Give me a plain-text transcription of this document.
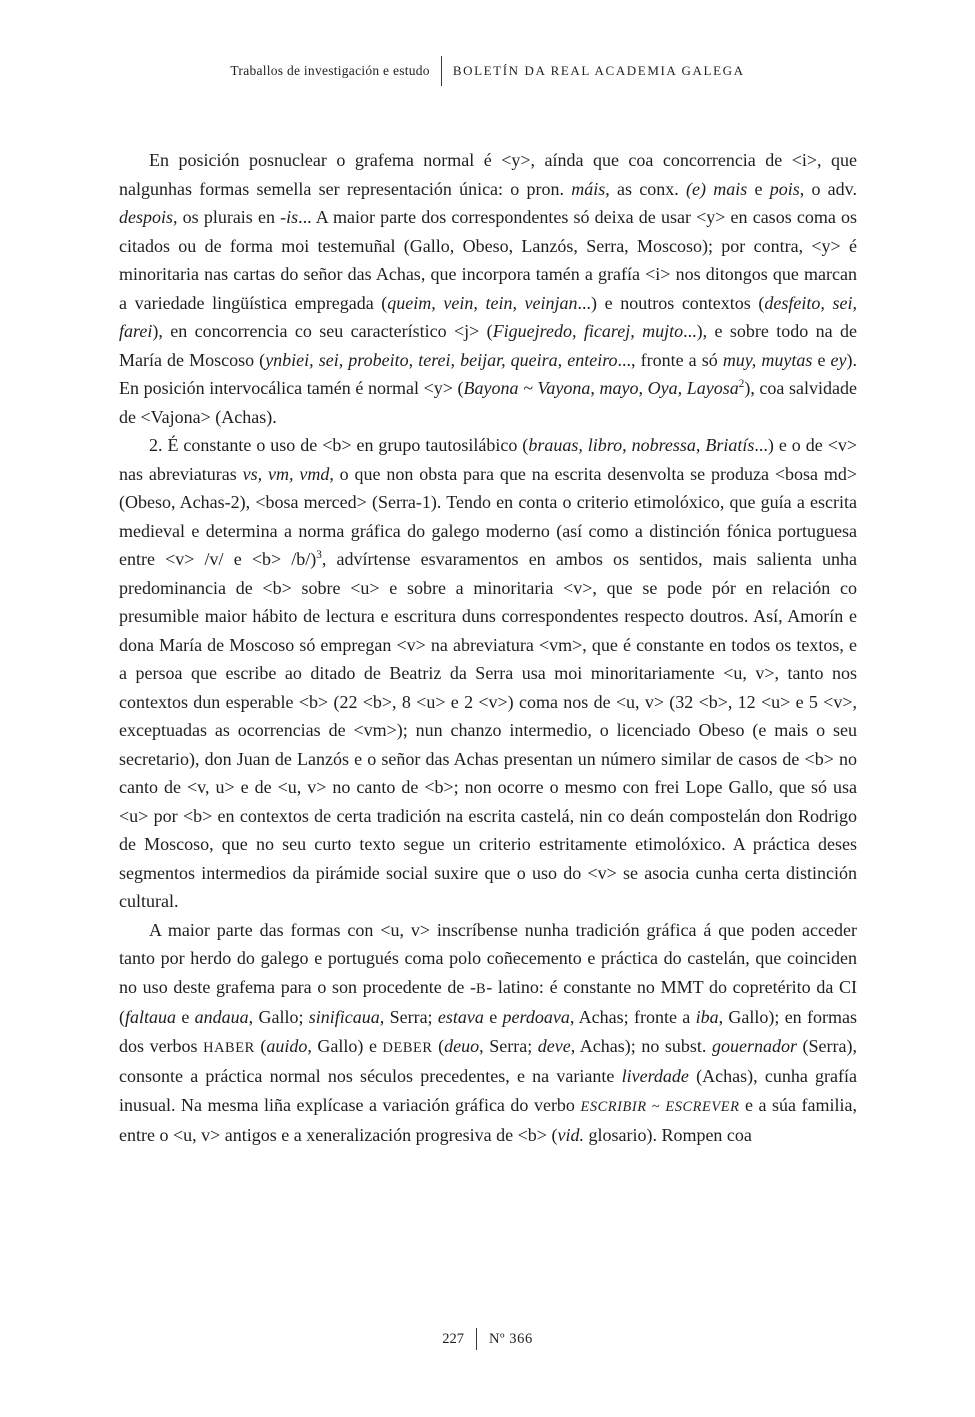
Traballos de investigación e estudo BOLETÍN DA REAL ACADEMIA GALEGA

En posición posnuclear o grafema normal é <y>, aínda que coa concorrencia de <i>, que nalgunhas formas semella ser representación única: o pron. máis, as conx. (e) mais e pois, o adv. despois, os plurais en -is... A maior parte dos correspondentes só deixa de usar <y> en casos coma os citados ou de forma moi testemuñal (Gallo, Obeso, Lanzós, Serra, Moscoso); por contra, <y> é minoritaria nas cartas do señor das Achas, que incorpora tamén a grafía <i> nos ditongos que marcan a variedade lingüística empregada (queim, vein, tein, veinjan...) e noutros contextos (desfeito, sei, farei), en concorrencia co seu característico <j> (Figuejredo, ficarej, mujto...), e sobre todo na de María de Moscoso (ynbiei, sei, probeito, terei, beijar, queira, enteiro..., fronte a só muy, muytas e ey). En posición intervocálica tamén é normal <y> (Bayona ~ Vayona, mayo, Oya, Layosa$^2$), coa salvidade de <Vajona> (Achas).

2. É constante o uso de <b> en grupo tautosilábico (brauas, libro, nobressa, Briatís...) e o de <v> nas abreviaturas vs, vm, vmd, o que non obsta para que na escrita desenvolta se produza <bosa md> (Obeso, Achas-2), <bosa merced> (Serra-1). Tendo en conta o criterio etimolóxico, que guía a escrita medieval e determina a norma gráfica do galego moderno (así como a distinción fónica portuguesa entre <v> /v/ e <b> /b/)$^3$, advírtense esvaramentos en ambos os sentidos, mais salienta unha predominancia de <b> sobre <u> e sobre a minoritaria <v>, que se pode pór en relación co presumible maior hábito de lectura e escritura duns correspondentes respecto doutros. Así, Amorín e dona María de Moscoso só empregan <v> na abreviatura <vm>, que é constante en todos os textos, e a persoa que escribe ao ditado de Beatriz da Serra usa moi minoritariamente <u, v>, tanto nos contextos dun esperable <b> (22 <b>, 8 <u> e 2 <v>) coma nos de <u, v> (32 <b>, 12 <u> e 5 <v>, exceptuadas as ocorrencias de <vm>); nun chanzo intermedio, o licenciado Obeso (e mais o seu secretario), don Juan de Lanzós e o señor das Achas presentan un número similar de casos de <b> no canto de <v, u> e de <u, v> no canto de <b>; non ocorre o mesmo con frei Lope Gallo, que só usa <u> por <b> en contextos de certa tradición na escrita castelá, nin co deán compostelán don Rodrigo de Moscoso, que no seu curto texto segue un criterio estritamente etimolóxico. A práctica deses segmentos intermedios da pirámide social suxire que o uso do <v> se asocia cunha certa distinción cultural.

A maior parte das formas con <u, v> inscríbense nunha tradición gráfica á que poden acceder tanto por herdo do galego e portugués coma polo coñecemento e práctica do castelán, que coinciden no uso deste grafema para o son procedente de -B- latino: é constante no MMT do copretérito da CI (faltaua e andaua, Gallo; sinificaua, Serra; estava e perdoava, Achas; fronte a iba, Gallo); en formas dos verbos HABER (auido, Gallo) e DEBER (deuo, Serra; deve, Achas); no subst. gouernador (Serra), consonte a práctica normal nos séculos precedentes, e na variante liverdade (Achas), cunha grafía inusual. Na mesma liña explícase a variación gráfica do verbo ESCRIBIR ~ ESCREVER e a súa familia, entre o <u, v> antigos e a xeneralización progresiva de <b> (vid. glosario). Rompen coa

227 Nº 366
